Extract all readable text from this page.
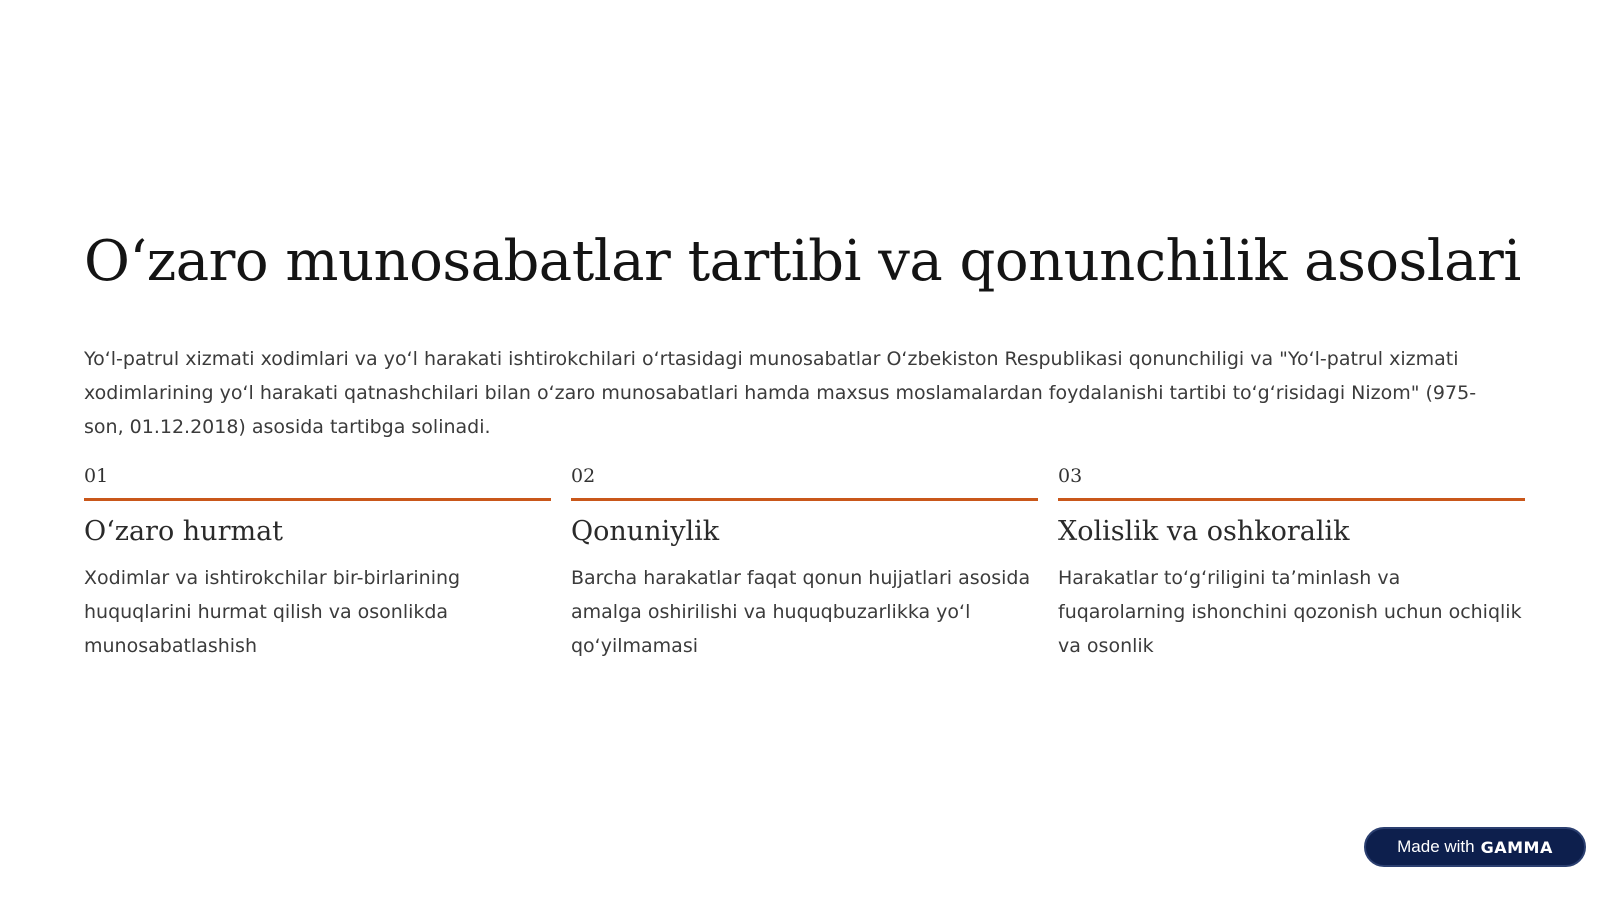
O‘zaro munosabatlar tartibi va qonunchilik asoslari

Yo‘l-patrul xizmati xodimlari va yo‘l harakati ishtirokchilari o‘rtasidagi munosabatlar O‘zbekiston Respublikasi qonunchiligi va "Yo‘l-patrul xizmati xodimlarining yo‘l harakati qatnashchilari bilan o‘zaro munosabatlari hamda maxsus moslamalardan foydalanishi tartibi to‘g‘risidagi Nizom" (975-son, 01.12.2018) asosida tartibga solinadi.

01
O‘zaro hurmat

Xodimlar va ishtirokchilar bir-birlarining huquqlarini hurmat qilish va osonlikda munosabatlashish

02
Qonuniylik

Barcha harakatlar faqat qonun hujjatlari asosida amalga oshirilishi va huquqbuzarlikka yo‘l qo‘yilmamasi

03
Xolislik va oshkoralik

Harakatlar to‘g‘riligini ta’minlash va fuqarolarning ishonchini qozonish uchun ochiqlik va osonlik

Made with GAMMA
